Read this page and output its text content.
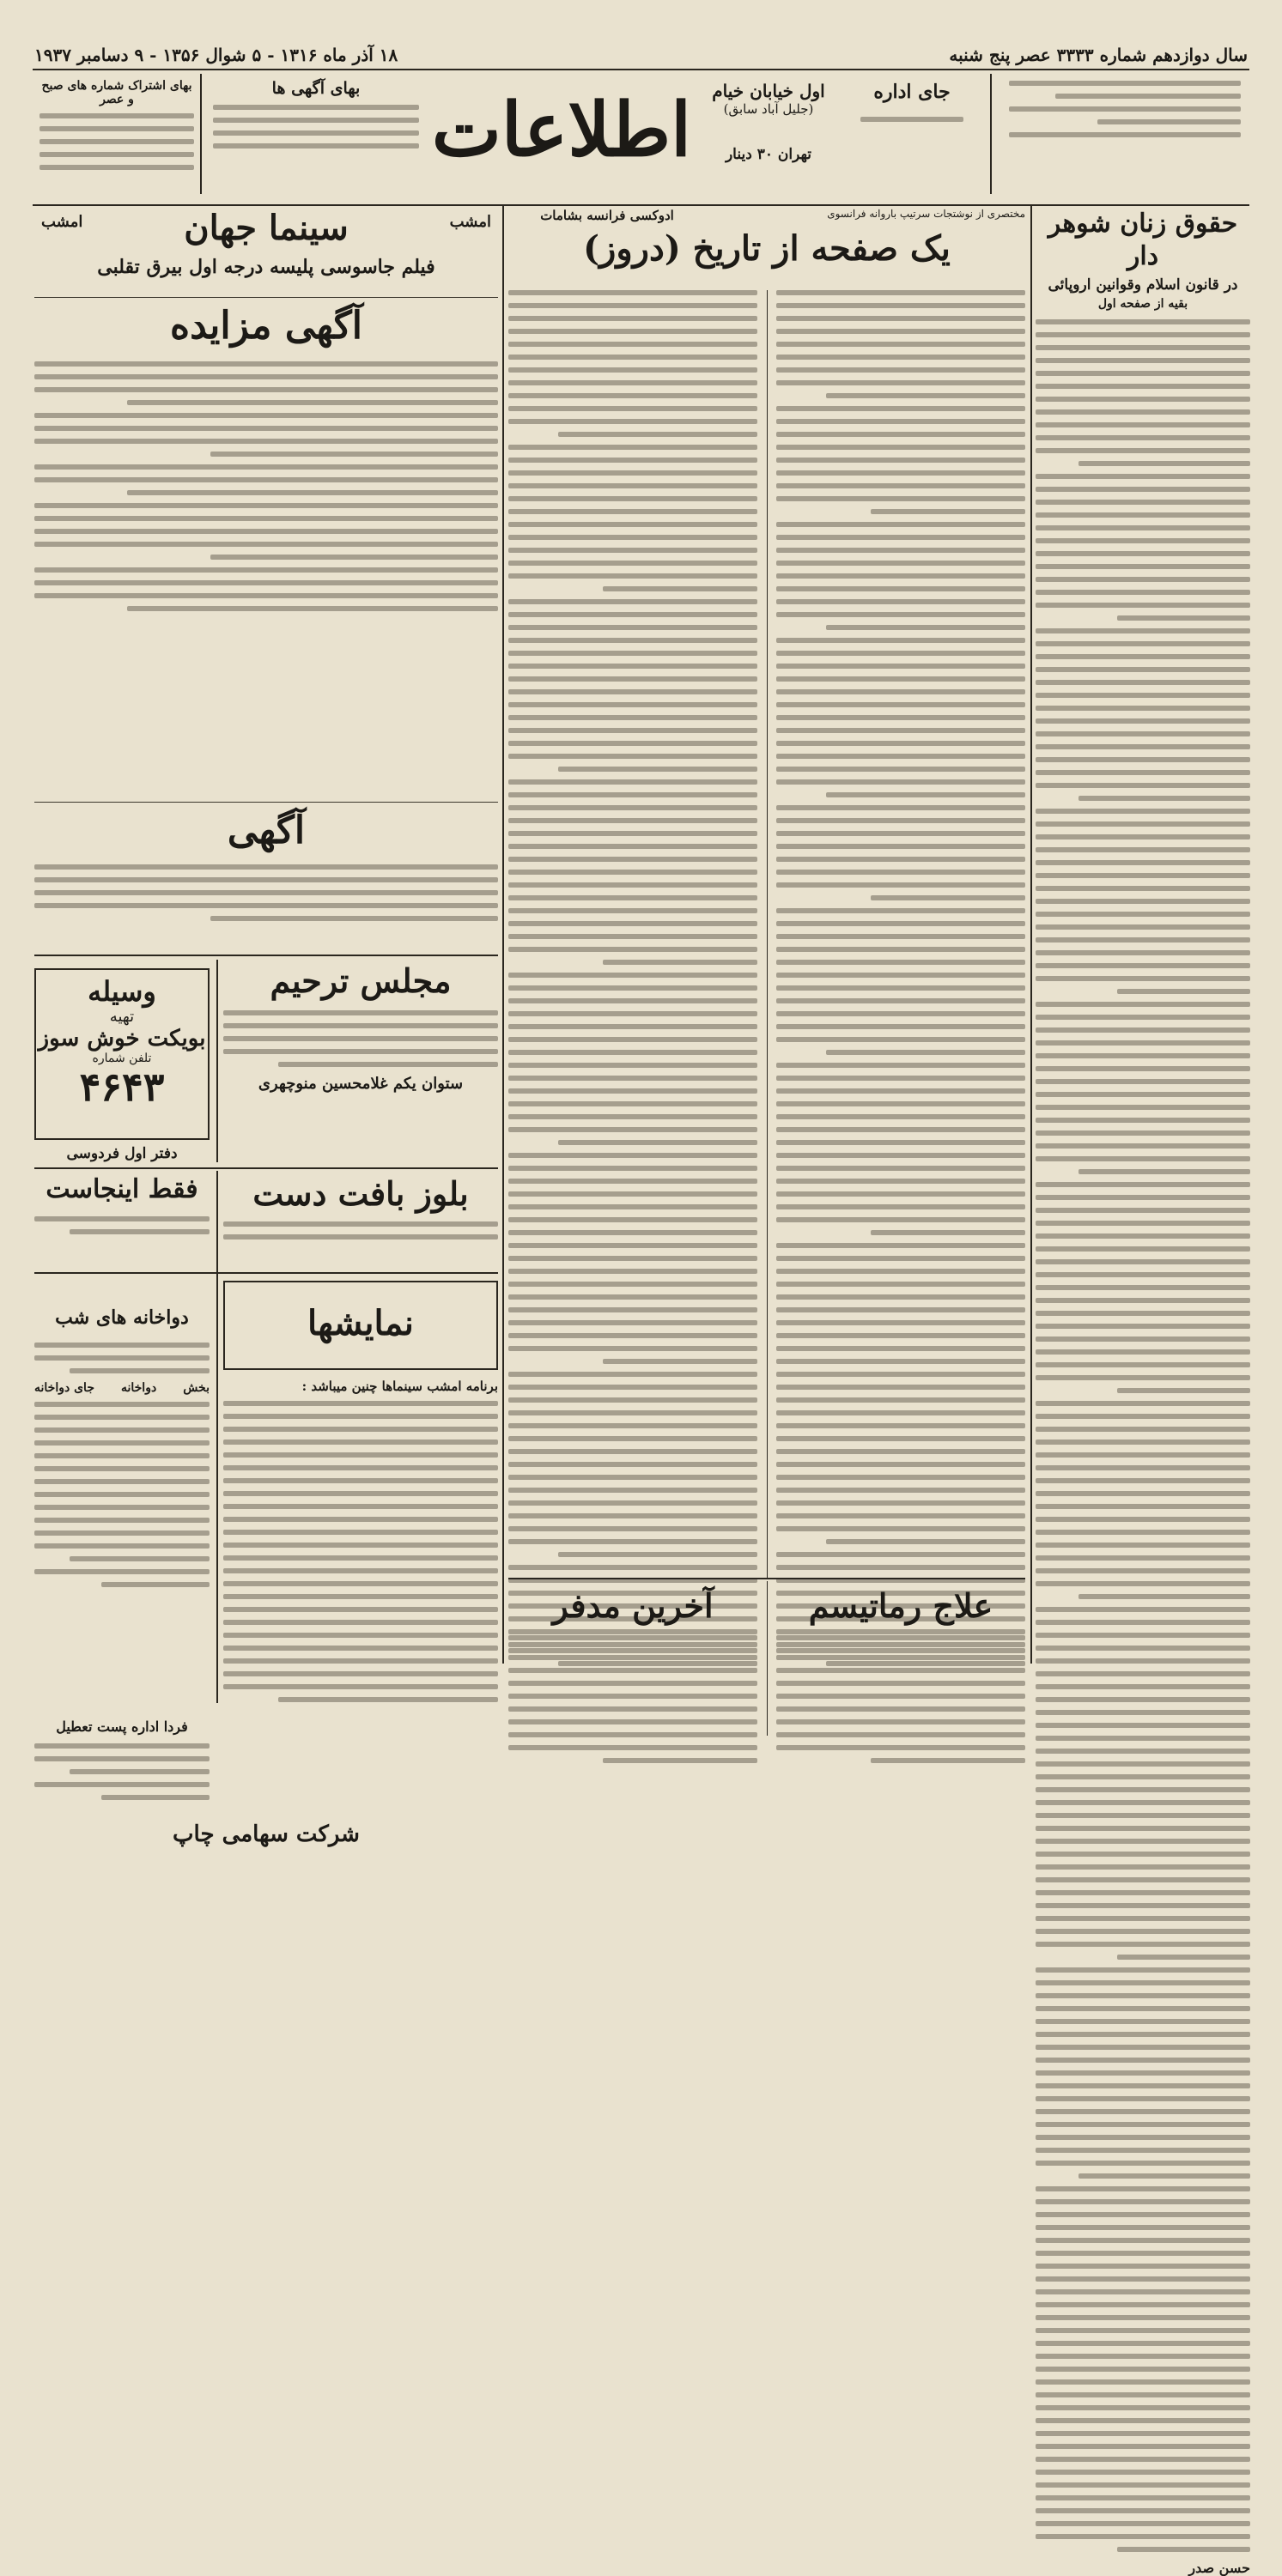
۱۸ آذر ماه ۱۳۱۶ - ۵ شوال ۱۳۵۶ - ۹ دسامبر ۱۹۳۷	سال دوازدهم شماره ۳۳۳۳ عصر پنج شنبه
جای اداره
اول خیابان خیام
(جلیل آباد سابق)
تهران ۳۰ دینار
اطلاعات
بهای آگهی ها
بهای اشتراک شماره های صبح و عصر
امشب
امشب	سینما جهان
فیلم جاسوسی پلیسه درجه اول بیرق تقلبی
آگهی مزایده
آگهی
مجلس ترحیم
ستوان یکم غلامحسین منوچهری
وسیله
تهیه
بویکت خوش سوز
تلفن شماره
۴۶۴۳
دفتر اول فردوسی
بلوز بافت دست
فقط اینجاست
دواخانه های شب
بخش
دواخانه
جای دواخانه
نمایشها
برنامه امشب سینماها چنین میباشد :
فردا اداره پست تعطیل
شرکت سهامی چاپ
ادوکسی فرانسه بشامات	مختصری از نوشتجات سرتیپ باروانه فرانسوی
یک صفحه از تاریخ (دروز)
علاج رماتیسم
آخرین مدفر
حقوق زنان شوهر دار
در قانون اسلام وقوانین اروپائی
بقیه از صفحه اول
حسن صدر
